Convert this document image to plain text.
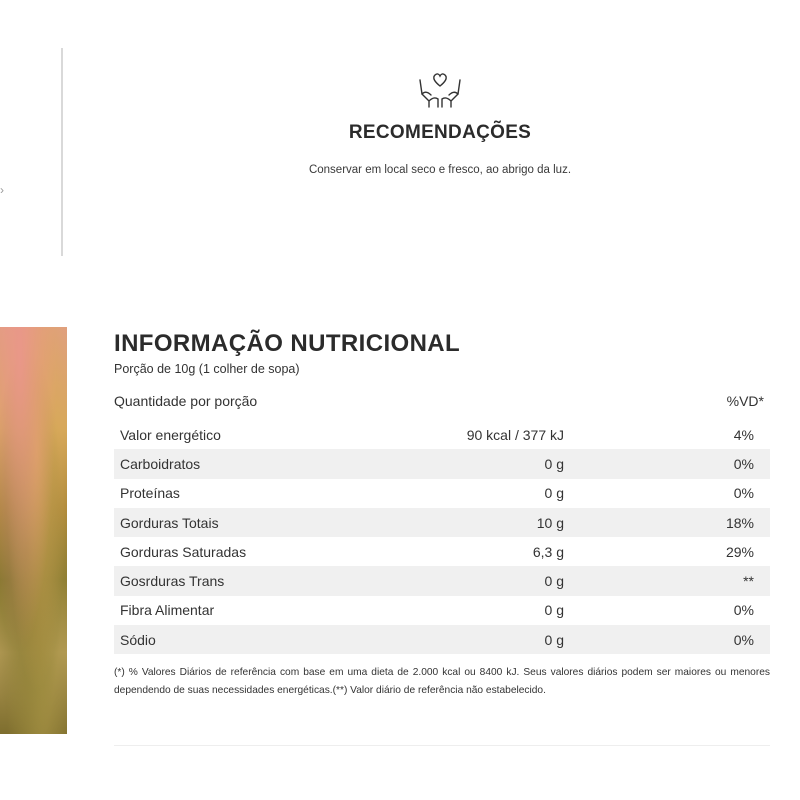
›
RECOMENDAÇÕES
Conservar em local seco e fresco, ao abrigo da luz.
INFORMAÇÃO NUTRICIONAL
Porção de 10g (1 colher de sopa)
Quantidade por porção	%VD*
Valor energético	90 kcal / 377 kJ	4%
Carboidratos	0 g	0%
Proteínas	0 g	0%
Gorduras Totais	10 g	18%
Gorduras Saturadas	6,3 g	29%
Gosrduras Trans	0 g	**
Fibra Alimentar	0 g	0%
Sódio	0 g	0%
(*) % Valores Diários de referência com base em uma dieta de 2.000 kcal ou 8400 kJ. Seus valores diários podem ser maiores ou menores dependendo de suas necessidades energéticas.(**) Valor diário de referência não estabelecido.
